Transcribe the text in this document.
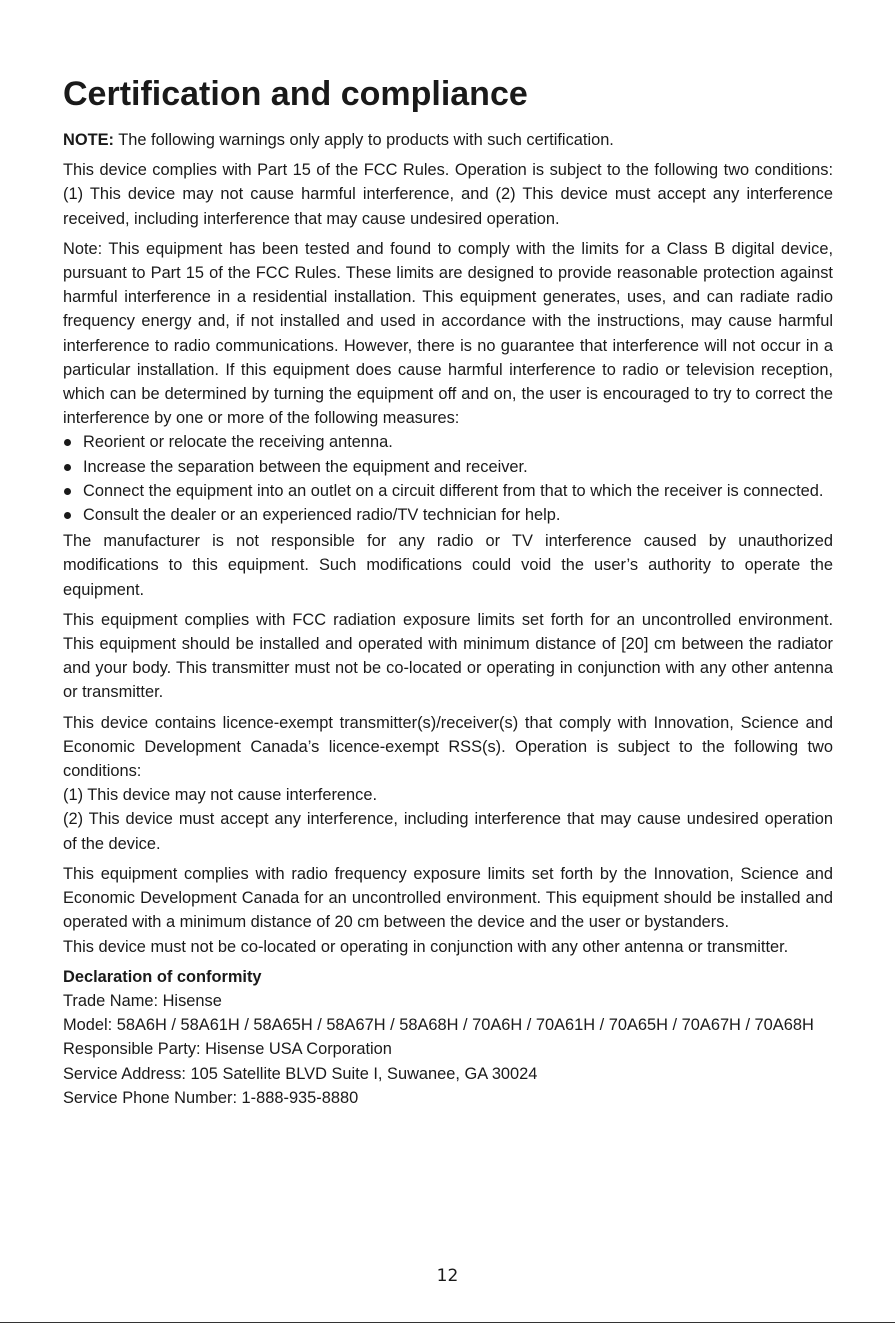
Certification and compliance

NOTE: The following warnings only apply to products with such certification.

This device complies with Part 15 of the FCC Rules. Operation is subject to the following two conditions: (1) This device may not cause harmful interference, and (2) This device must accept any interference received, including interference that may cause undesired operation.

Note: This equipment has been tested and found to comply with the limits for a Class B digital device, pursuant to Part 15 of the FCC Rules. These limits are designed to provide reasonable protection against harmful interference in a residential installation. This equipment generates, uses, and can radiate radio frequency energy and, if not installed and used in accordance with the instructions, may cause harmful interference to radio communications. However, there is no guarantee that interference will not occur in a particular installation. If this equipment does cause harmful interference to radio or television reception, which can be determined by turning the equipment off and on, the user is encouraged to try to correct the interference by one or more of the following measures:

Reorient or relocate the receiving antenna.
Increase the separation between the equipment and receiver.
Connect the equipment into an outlet on a circuit different from that to which the receiver is connected.
Consult the dealer or an experienced radio/TV technician for help.

The manufacturer is not responsible for any radio or TV interference caused by unauthorized modifications to this equipment. Such modifications could void the user’s authority to operate the equipment.

This equipment complies with FCC radiation exposure limits set forth for an uncontrolled environment. This equipment should be installed and operated with minimum distance of [20] cm between the radiator and your body. This transmitter must not be co-located or operating in conjunction with any other antenna or transmitter.

This device contains licence-exempt transmitter(s)/receiver(s) that comply with Innovation, Science and Economic Development Canada’s licence-exempt RSS(s). Operation is subject to the following two conditions:

(1) This device may not cause interference.

(2) This device must accept any interference, including interference that may cause undesired operation of the device.

This equipment complies with radio frequency exposure limits set forth by the Innovation, Science and Economic Development Canada for an uncontrolled environment. This equipment should be installed and operated with a minimum distance of 20 cm between the device and the user or bystanders.

This device must not be co-located or operating in conjunction with any other antenna or transmitter.

Declaration of conformity
Trade Name: Hisense
Model: 58A6H / 58A61H / 58A65H / 58A67H / 58A68H / 70A6H / 70A61H / 70A65H / 70A67H / 70A68H
Responsible Party: Hisense USA Corporation
Service Address: 105 Satellite BLVD Suite I, Suwanee, GA 30024
Service Phone Number: 1-888-935-8880
12
